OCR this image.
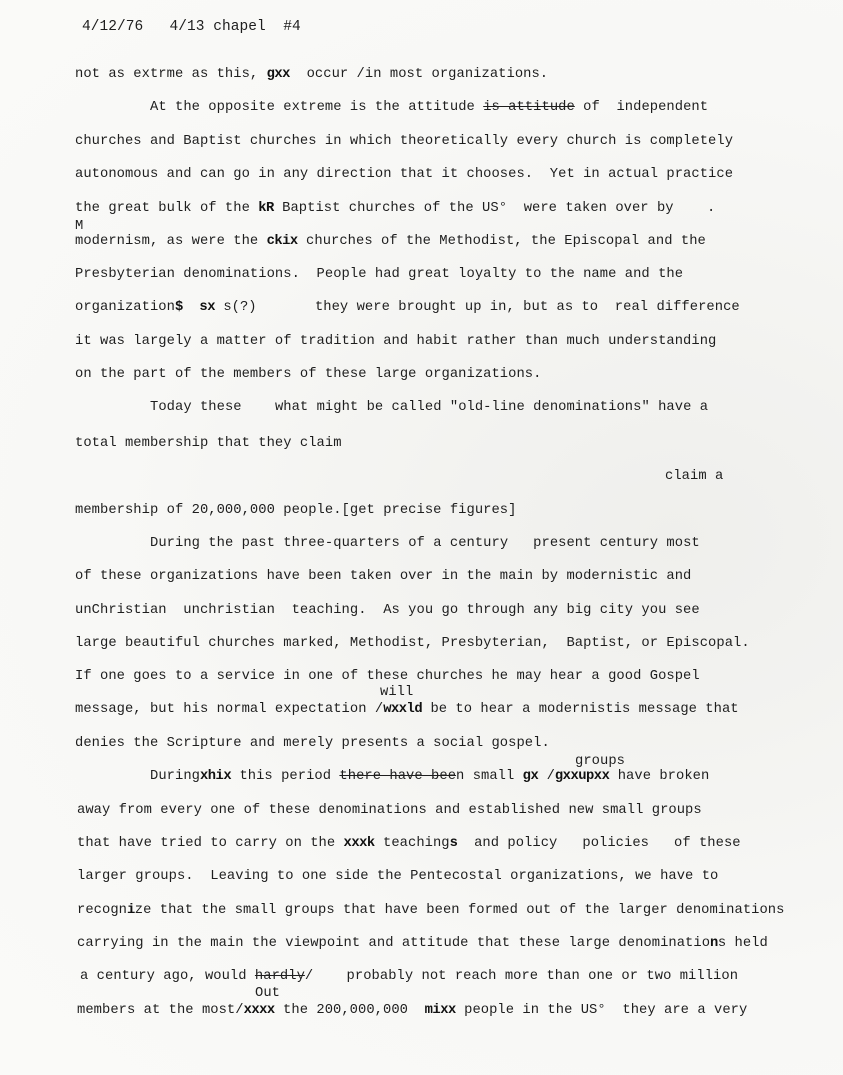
4/12/76   4/13 chapel  #4
not as extrme as this, gxx  occur /in most organizations.
At the opposite extreme is the attitude is attitude of  independent
churches and Baptist churches in which theoretically every church is completely
autonomous and can go in any direction that it chooses.  Yet in actual practice
the great bulk of the kR Baptist churches of the US°  were taken over by    .
M
modernism, as were the ckix churches of the Methodist, the Episcopal and the
Presbyterian denominations.  People had great loyalty to the name and the
organization$ sx s(?)       they were brought up in, but as to  real difference
it was largely a matter of tradition and habit rather than much understanding
on the part of the members of these large organizations.
Today these    what might be called "old-line denominations" have a
total membership that they claim
claim a
membership of 20,000,000 people.[get precise figures]
During the past three-quarters of a century   present century most
of these organizations have been taken over in the main by modernistic and
unChristian  unchristian  teaching.  As you go through any big city you see
large beautiful churches marked, Methodist, Presbyterian,  Baptist, or Episcopal.
If one goes to a service in one of these churches he may hear a good Gospel
will
message, but his normal expectation /wxxld be to hear a modernistis message that
denies the Scripture and merely presents a social gospel.
groups
Duringxhix this period there have been small gx /gxxupxx have broken
away from every one of these denominations and established new small groups
that have tried to carry on the xxxk teachings  and policy   policies   of these
larger groups.  Leaving to one side the Pentecostal organizations, we have to
recognize that the small groups that have been formed out of the larger denominations
carrying in the main the viewpoint and attitude that these large denominations held
a century ago, would hardly/    probably not reach more than one or two million
Out
members at the most/xxxx the 200,000,000  mixx people in the US°  they are a very
